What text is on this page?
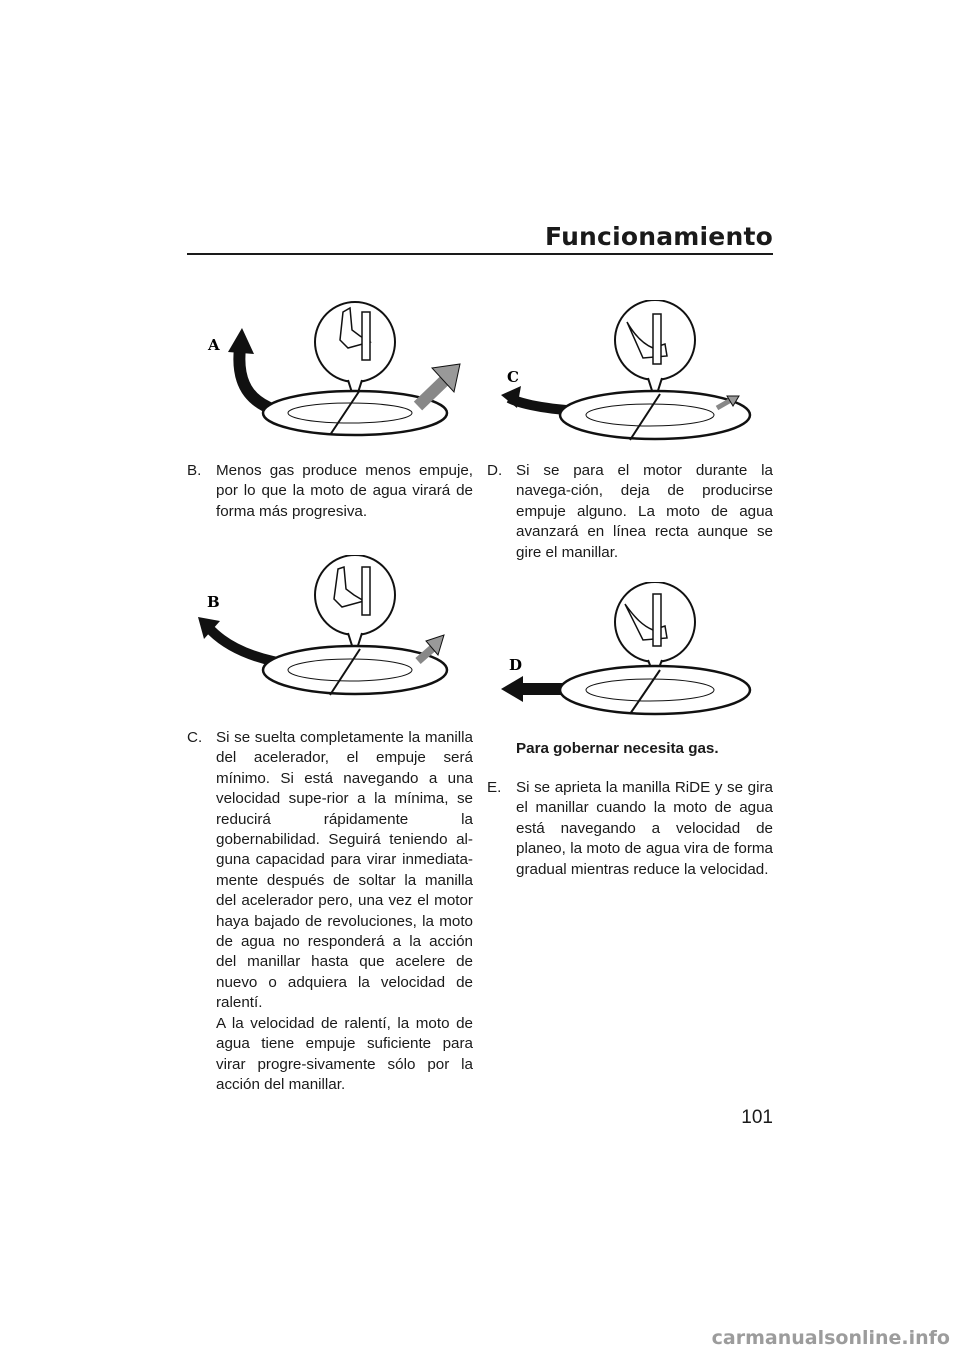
Funcionamiento
A
C
B
D
B. Menos gas produce menos empuje, por lo que la moto de agua virará de forma más progresiva.

C. Si se suelta completamente la manilla del acelerador, el empuje será mínimo. Si está navegando a una velocidad supe-rior a la mínima, se reducirá rápidamente la gobernabilidad. Seguirá teniendo al-guna capacidad para virar inmediata-mente después de soltar la manilla del acelerador pero, una vez el motor haya bajado de revoluciones, la moto de agua no responderá a la acción del manillar hasta que acelere de nuevo o adquiera la velocidad de ralentí.

A la velocidad de ralentí, la moto de agua tiene empuje suficiente para virar progre-sivamente sólo por la acción del manillar.

D. Si se para el motor durante la navega-ción, deja de producirse empuje alguno. La moto de agua avanzará en línea recta aunque se gire el manillar.

Para gobernar necesita gas.
E. Si se aprieta la manilla RiDE y se gira el manillar cuando la moto de agua está navegando a velocidad de planeo, la moto de agua vira de forma gradual mientras reduce la velocidad.

101
carmanualsonline.info
